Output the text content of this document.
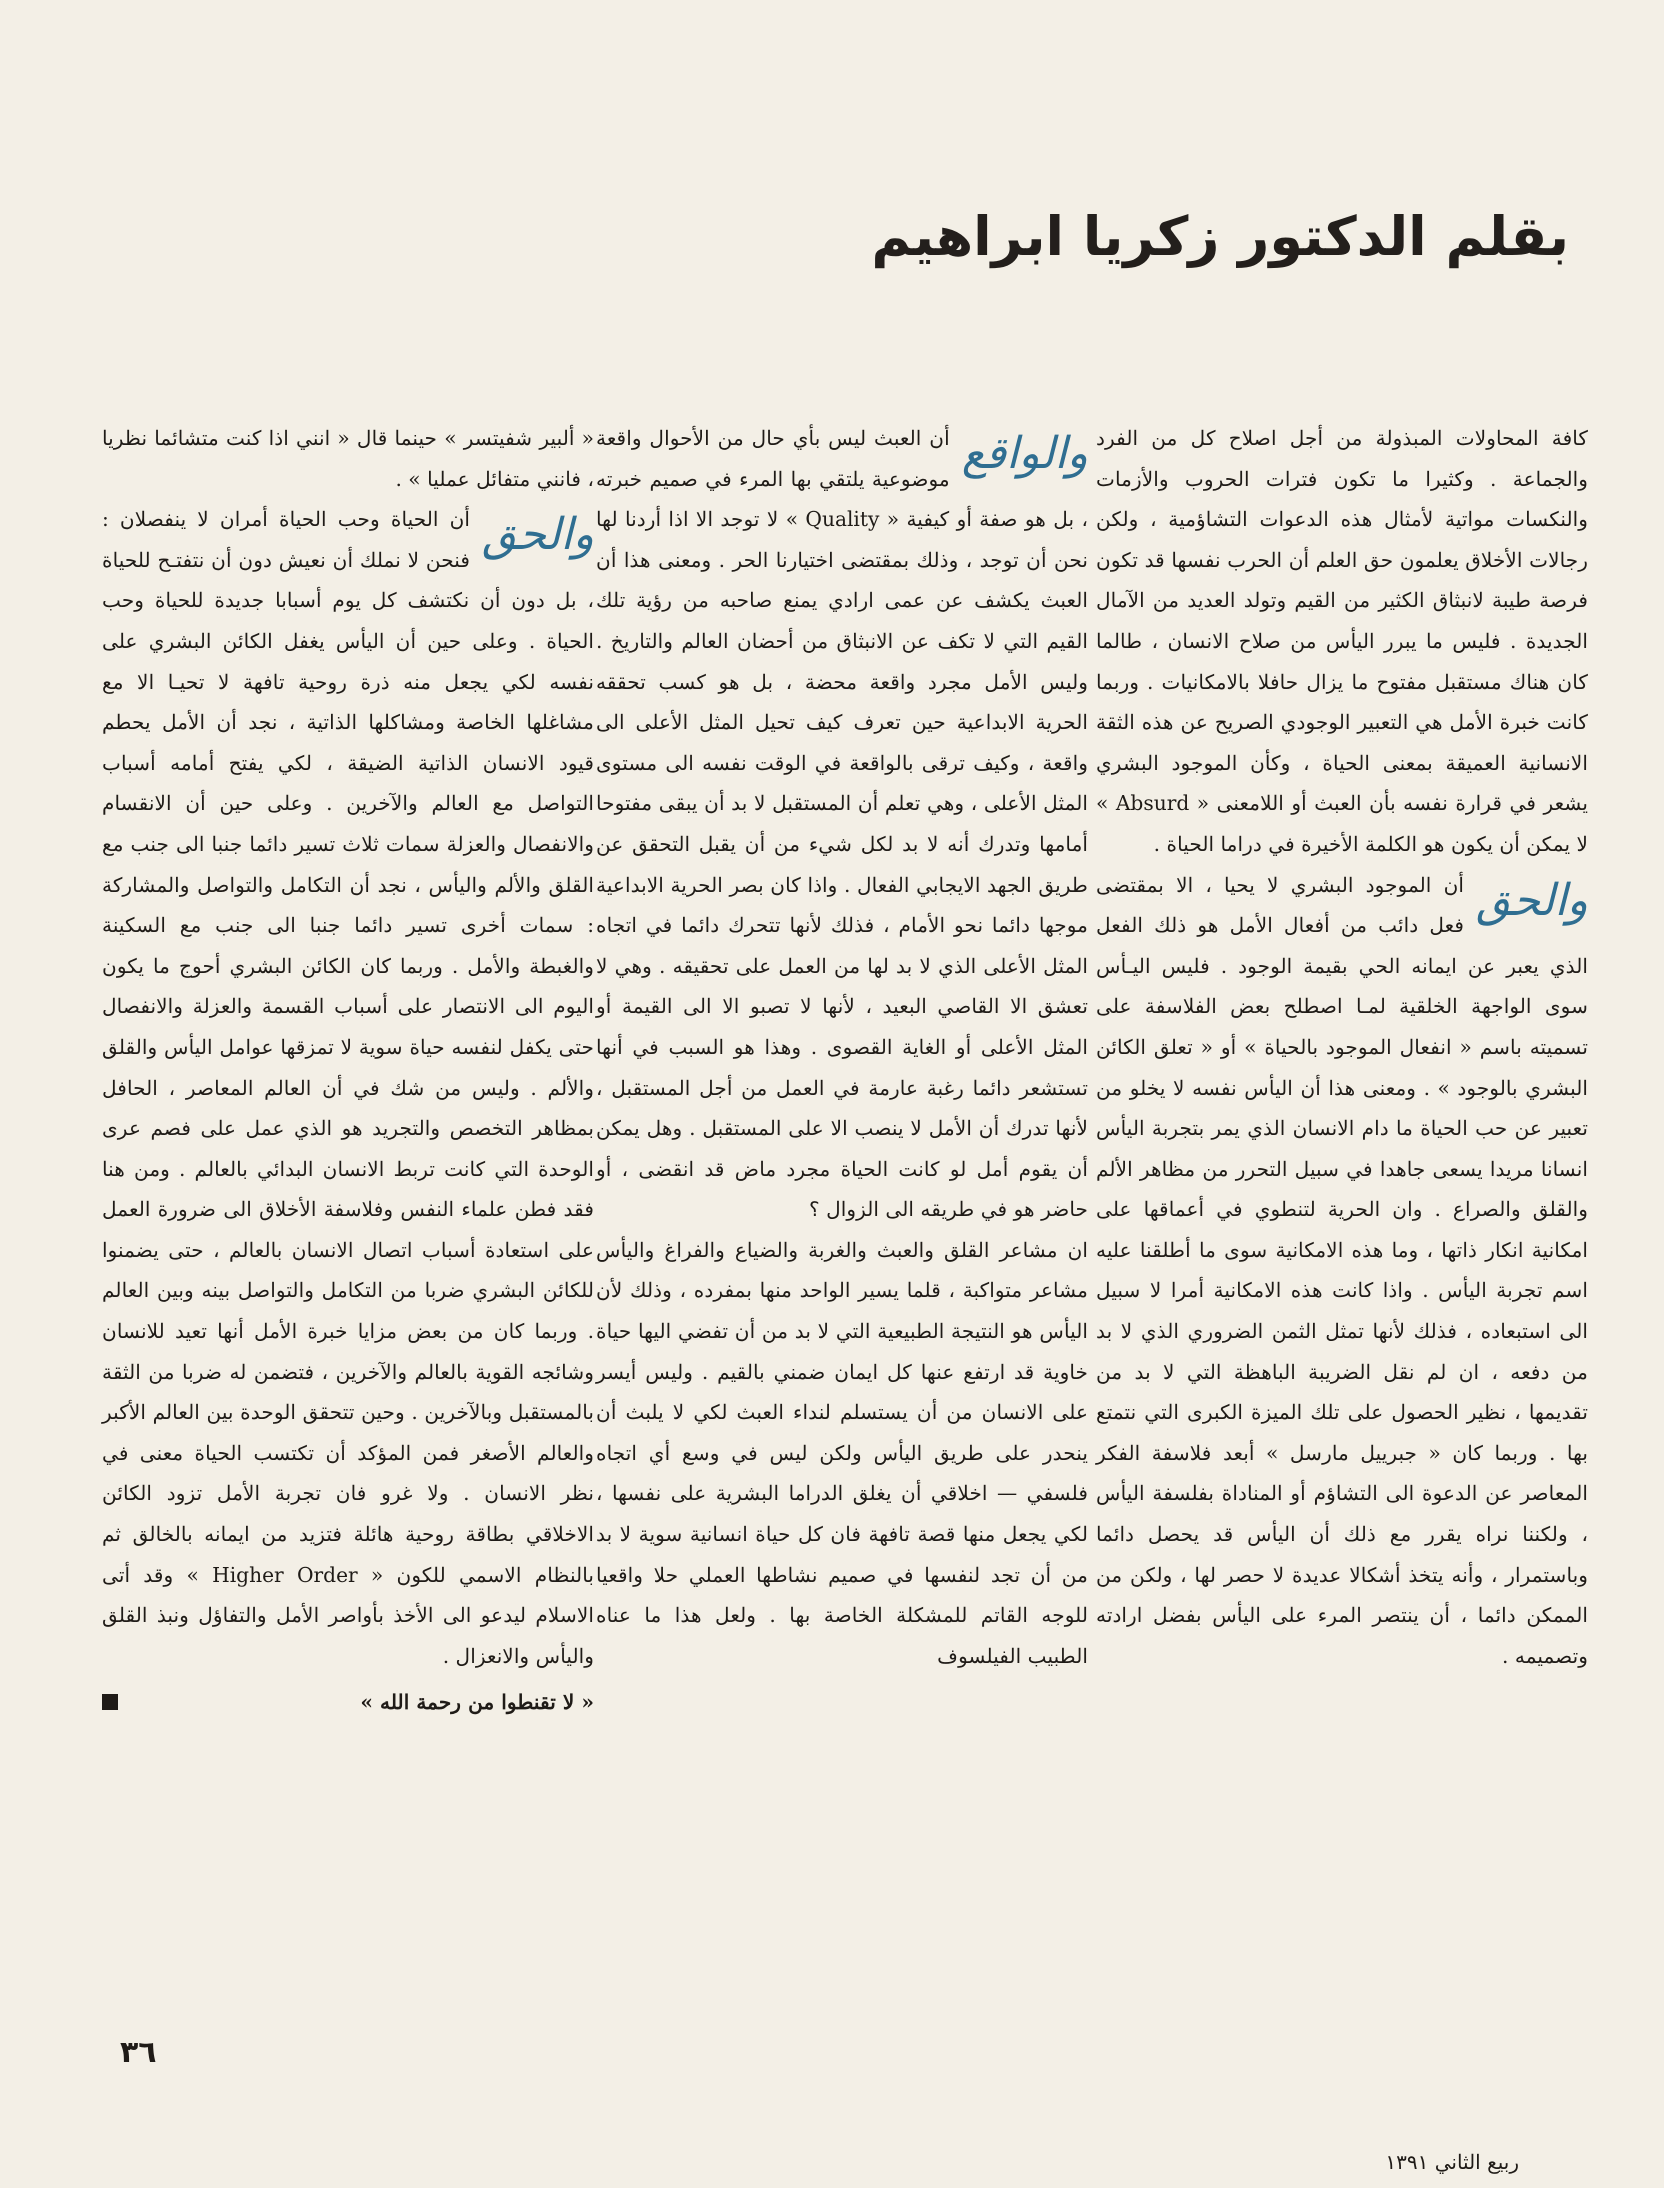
بقلم الدكتور زكريا ابراهيم

كافة المحاولات المبذولة من أجل اصلاح كل من الفرد والجماعة . وكثيرا ما تكون فترات الحروب والأزمات والنكسات مواتية لأمثال هذه الدعوات التشاؤمية ، ولكن رجالات الأخلاق يعلمون حق العلم أن الحرب نفسها قد تكون فرصة طيبة لانبثاق الكثير من القيم وتولد العديد من الآمال الجديدة . فليس ما يبرر اليأس من صلاح الانسان ، طالما كان هناك مستقبل مفتوح ما يزال حافلا بالامكانيات . وربما كانت خبرة الأمل هي التعبير الوجودي الصريح عن هذه الثقة الانسانية العميقة بمعنى الحياة ، وكأن الموجود البشري يشعر في قرارة نفسه بأن العبث أو اللامعنى « Absurd » لا يمكن أن يكون هو الكلمة الأخيرة في دراما الحياة .

والحق
أن الموجود البشري لا يحيا ، الا بمقتضى فعل دائب من أفعال الأمل هو ذلك الفعل الذي يعبر عن ايمانه الحي بقيمة الوجود . فليس اليـأس سوى الواجهة الخلقية لمـا اصطلح بعض الفلاسفة على تسميته باسم « انفعال الموجود بالحياة » أو « تعلق الكائن البشري بالوجود » . ومعنى هذا أن اليأس نفسه لا يخلو من تعبير عن حب الحياة ما دام الانسان الذي يمر بتجربة اليأس انسانا مريدا يسعى جاهدا في سبيل التحرر من مظاهر الألم والقلق والصراع . وان الحرية لتنطوي في أعماقها على امكانية انكار ذاتها ، وما هذه الامكانية سوى ما أطلقنا عليه اسم تجربة اليأس . واذا كانت هذه الامكانية أمرا لا سبيل الى استبعاده ، فذلك لأنها تمثل الثمن الضروري الذي لا بد من دفعه ، ان لم نقل الضريبة الباهظة التي لا بد من تقديمها ، نظير الحصول على تلك الميزة الكبرى التي نتمتع بها . وربما كان « جبرييل مارسل » أبعد فلاسفة الفكر المعاصر عن الدعوة الى التشاؤم أو المناداة بفلسفة اليأس ، ولكننا نراه يقرر مع ذلك أن اليأس قد يحصل دائما وباستمرار ، وأنه يتخذ أشكالا عديدة لا حصر لها ، ولكن من الممكن دائما ، أن ينتصر المرء على اليأس بفضل ارادته وتصميمه .

والواقع
أن العبث ليس بأي حال من الأحوال واقعة موضوعية يلتقي بها المرء في صميم خبرته ، بل هو صفة أو كيفية « Quality » لا توجد الا اذا أردنا لها نحن أن توجد ، وذلك بمقتضى اختيارنا الحر . ومعنى هذا أن العبث يكشف عن عمى ارادي يمنع صاحبه من رؤية تلك القيم التي لا تكف عن الانبثاق من أحضان العالم والتاريخ . وليس الأمل مجرد واقعة محضة ، بل هو كسب تحققه الحرية الابداعية حين تعرف كيف تحيل المثل الأعلى الى واقعة ، وكيف ترقى بالواقعة في الوقت نفسه الى مستوى المثل الأعلى ، وهي تعلم أن المستقبل لا بد أن يبقى مفتوحا أمامها وتدرك أنه لا بد لكل شيء من أن يقبل التحقق عن طريق الجهد الايجابي الفعال . واذا كان بصر الحرية الابداعية موجها دائما نحو الأمام ، فذلك لأنها تتحرك دائما في اتجاه المثل الأعلى الذي لا بد لها من العمل على تحقيقه . وهي لا تعشق الا القاصي البعيد ، لأنها لا تصبو الا الى القيمة أو المثل الأعلى أو الغاية القصوى . وهذا هو السبب في أنها تستشعر دائما رغبة عارمة في العمل من أجل المستقبل ، لأنها تدرك أن الأمل لا ينصب الا على المستقبل . وهل يمكن أن يقوم أمل لو كانت الحياة مجرد ماض قد انقضى ، أو حاضر هو في طريقه الى الزوال ؟

ان مشاعر القلق والعبث والغربة والضياع والفراغ واليأس مشاعر متواكبة ، قلما يسير الواحد منها بمفرده ، وذلك لأن اليأس هو النتيجة الطبيعية التي لا بد من أن تفضي اليها حياة خاوية قد ارتفع عنها كل ايمان ضمني بالقيم . وليس أيسر على الانسان من أن يستسلم لنداء العبث لكي لا يلبث أن ينحدر على طريق اليأس ولكن ليس في وسع أي اتجاه فلسفي — اخلاقي أن يغلق الدراما البشرية على نفسها ، لكي يجعل منها قصة تافهة فان كل حياة انسانية سوية لا بد من أن تجد لنفسها في صميم نشاطها العملي حلا واقعيا للوجه القاتم للمشكلة الخاصة بها . ولعل هذا ما عناه الطبيب الفيلسوف

« ألبير شفيتسر » حينما قال « انني اذا كنت متشائما نظريا ، فانني متفائل عمليا » .

والحق
أن الحياة وحب الحياة أمران لا ينفصلان : فنحن لا نملك أن نعيش دون أن نتفتـح للحياة ، بل دون أن نكتشف كل يوم أسبابا جديدة للحياة وحب الحياة . وعلى حين أن اليأس يغفل الكائن البشري على نفسه لكي يجعل منه ذرة روحية تافهة لا تحيـا الا مع مشاغلها الخاصة ومشاكلها الذاتية ، نجد أن الأمل يحطم قيود الانسان الذاتية الضيقة ، لكي يفتح أمامه أسباب التواصل مع العالم والآخرين . وعلى حين أن الانقسام والانفصال والعزلة سمات ثلاث تسير دائما جنبا الى جنب مع القلق والألم واليأس ، نجد أن التكامل والتواصل والمشاركة : سمات أخرى تسير دائما جنبا الى جنب مع السكينة والغبطة والأمل . وربما كان الكائن البشري أحوج ما يكون اليوم الى الانتصار على أسباب القسمة والعزلة والانفصال حتى يكفل لنفسه حياة سوية لا تمزقها عوامل اليأس والقلق والألم . وليس من شك في أن العالم المعاصر ، الحافل بمظاهر التخصص والتجريد هو الذي عمل على فصم عرى الوحدة التي كانت تربط الانسان البدائي بالعالم . ومن هنا فقد فطن علماء النفس وفلاسفة الأخلاق الى ضرورة العمل على استعادة أسباب اتصال الانسان بالعالم ، حتى يضمنوا للكائن البشري ضربا من التكامل والتواصل بينه وبين العالم . وربما كان من بعض مزايا خبرة الأمل أنها تعيد للانسان وشائجه القوية بالعالم والآخرين ، فتضمن له ضربا من الثقة بالمستقبل وبالآخرين . وحين تتحقق الوحدة بين العالم الأكبر والعالم الأصغر فمن المؤكد أن تكتسب الحياة معنى في نظر الانسان . ولا غرو فان تجربة الأمل تزود الكائن الاخلاقي بطاقة روحية هائلة فتزيد من ايمانه بالخالق ثم بالنظام الاسمي للكون « Higher Order » وقد أتى الاسلام ليدعو الى الأخذ بأواصر الأمل والتفاؤل ونبذ القلق واليأس والانعزال .

« لا تقنطوا من رحمة الله »

٣٦
ربيع الثاني ١٣٩١
